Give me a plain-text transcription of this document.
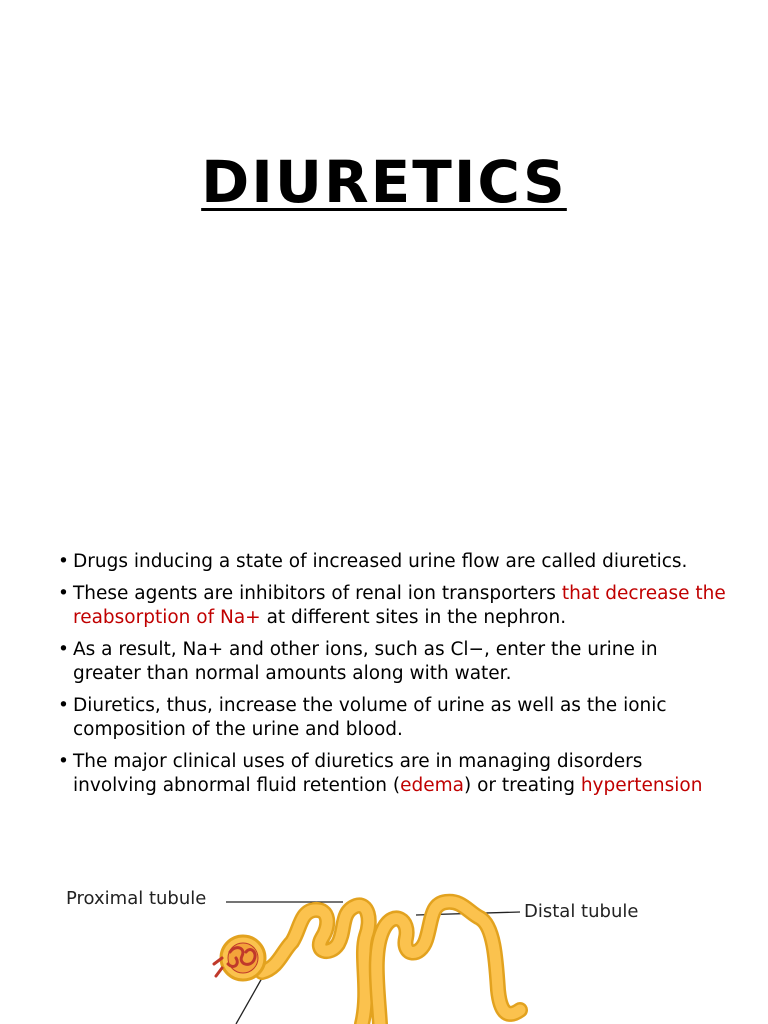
DIURETICS
• Drugs inducing a state of increased urine flow are called diuretics.
• These agents are inhibitors of renal ion transporters that decrease the reabsorption of Na+ at different sites in the nephron.
• As a result, Na+ and other ions, such as Cl−, enter the urine in greater than normal amounts along with water.
• Diuretics, thus, increase the volume of urine as well as the ionic composition of the urine and blood.
• The major clinical uses of diuretics are in managing disorders involving abnormal fluid retention (edema) or treating hypertension
Proximal tubule
Distal tubule
